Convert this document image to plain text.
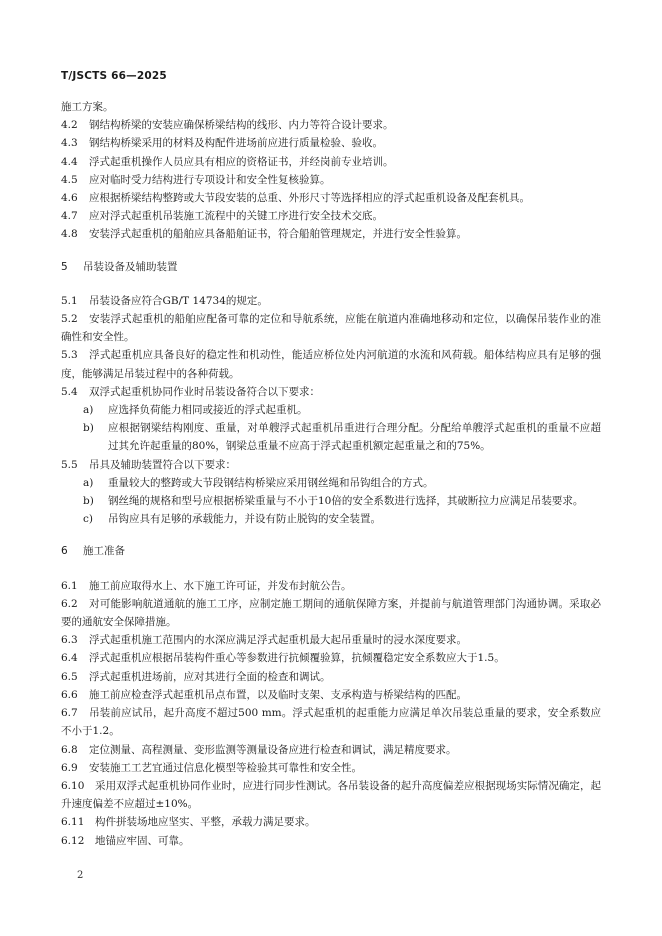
T/JSCTS 66—2025

施工方案。

4.2 钢结构桥梁的安装应确保桥梁结构的线形、内力等符合设计要求。

4.3 钢结构桥梁采用的材料及构配件进场前应进行质量检验、验收。

4.4 浮式起重机操作人员应具有相应的资格证书，并经岗前专业培训。

4.5 应对临时受力结构进行专项设计和安全性复核验算。

4.6 应根据桥梁结构整跨或大节段安装的总重、外形尺寸等选择相应的浮式起重机设备及配套机具。

4.7 应对浮式起重机吊装施工流程中的关键工序进行安全技术交底。

4.8 安装浮式起重机的船舶应具备船舶证书，符合船舶管理规定，并进行安全性验算。

5 吊装设备及辅助装置

5.1 吊装设备应符合GB/T 14734的规定。

5.2 安装浮式起重机的船舶应配备可靠的定位和导航系统，应能在航道内准确地移动和定位，以确保吊装作业的准确性和安全性。

5.3 浮式起重机应具备良好的稳定性和机动性，能适应桥位处内河航道的水流和风荷载。船体结构应具有足够的强度，能够满足吊装过程中的各种荷载。

5.4 双浮式起重机协同作业时吊装设备符合以下要求：

a)	应选择负荷能力相同或接近的浮式起重机。
b)	应根据钢梁结构刚度、重量，对单艘浮式起重机吊重进行合理分配。分配给单艘浮式起重机的重量不应超过其允许起重量的80%，钢梁总重量不应高于浮式起重机额定起重量之和的75%。

5.5 吊具及辅助装置符合以下要求：

a)	重量较大的整跨或大节段钢结构桥梁应采用钢丝绳和吊钩组合的方式。
b)	钢丝绳的规格和型号应根据桥梁重量与不小于10倍的安全系数进行选择，其破断拉力应满足吊装要求。
c)	吊钩应具有足够的承载能力，并设有防止脱钩的安全装置。
6 施工准备

6.1 施工前应取得水上、水下施工许可证，并发布封航公告。

6.2 对可能影响航道通航的施工工序，应制定施工期间的通航保障方案，并提前与航道管理部门沟通协调。采取必要的通航安全保障措施。

6.3 浮式起重机施工范围内的水深应满足浮式起重机最大起吊重量时的浸水深度要求。

6.4 浮式起重机应根据吊装构件重心等参数进行抗倾覆验算，抗倾覆稳定安全系数应大于1.5。

6.5 浮式起重机进场前，应对其进行全面的检查和调试。

6.6 施工前应检查浮式起重机吊点布置，以及临时支架、支承构造与桥梁结构的匹配。

6.7 吊装前应试吊，起升高度不超过500 mm。浮式起重机的起重能力应满足单次吊装总重量的要求，安全系数应不小于1.2。

6.8 定位测量、高程测量、变形监测等测量设备应进行检查和调试，满足精度要求。

6.9 安装施工工艺宜通过信息化模型等检验其可靠性和安全性。

6.10 采用双浮式起重机协同作业时，应进行同步性测试。各吊装设备的起升高度偏差应根据现场实际情况确定，起升速度偏差不应超过±10%。

6.11 构件拼装场地应坚实、平整，承载力满足要求。

6.12 地锚应牢固、可靠。

2
